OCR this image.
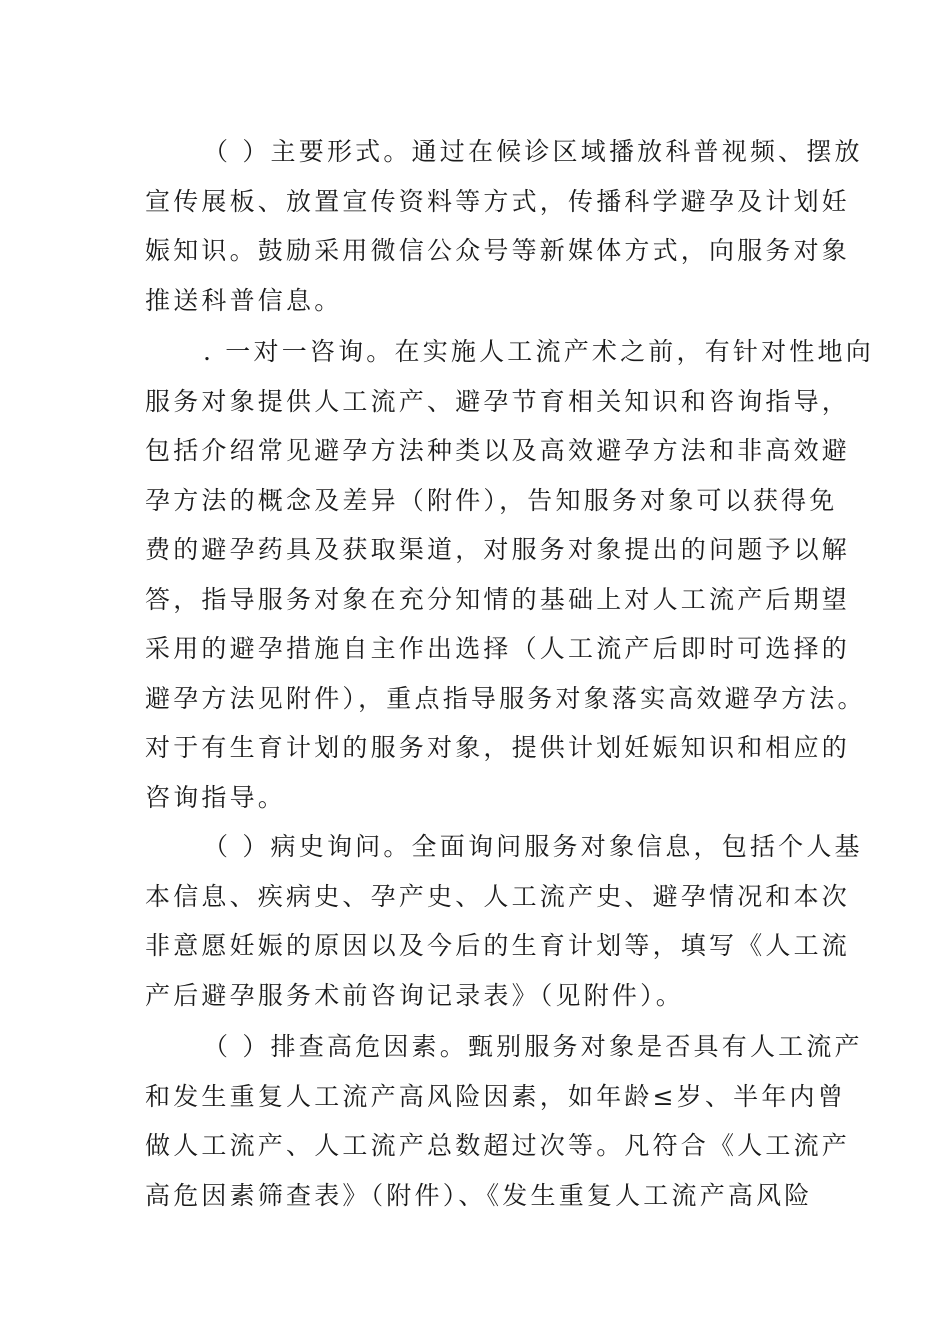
（ ）主要形式。通过在候诊区域播放科普视频、摆放
宣传展板、放置宣传资料等方式，传播科学避孕及计划妊
娠知识。鼓励采用微信公众号等新媒体方式，向服务对象
推送科普信息。
. 一对一咨询。在实施人工流产术之前，有针对性地向
服务对象提供人工流产、避孕节育相关知识和咨询指导，
包括介绍常见避孕方法种类以及高效避孕方法和非高效避
孕方法的概念及差异（附件），告知服务对象可以获得免
费的避孕药具及获取渠道，对服务对象提出的问题予以解
答，指导服务对象在充分知情的基础上对人工流产后期望
采用的避孕措施自主作出选择（人工流产后即时可选择的
避孕方法见附件），重点指导服务对象落实高效避孕方法。
对于有生育计划的服务对象，提供计划妊娠知识和相应的
咨询指导。
（ ）病史询问。全面询问服务对象信息，包括个人基
本信息、疾病史、孕产史、人工流产史、避孕情况和本次
非意愿妊娠的原因以及今后的生育计划等，填写《人工流
产后避孕服务术前咨询记录表》（见附件）。
（ ）排查高危因素。甄别服务对象是否具有人工流产
和发生重复人工流产高风险因素，如年龄≤岁、半年内曾
做人工流产、人工流产总数超过次等。凡符合《人工流产
高危因素筛查表》（附件）、《发生重复人工流产高风险
